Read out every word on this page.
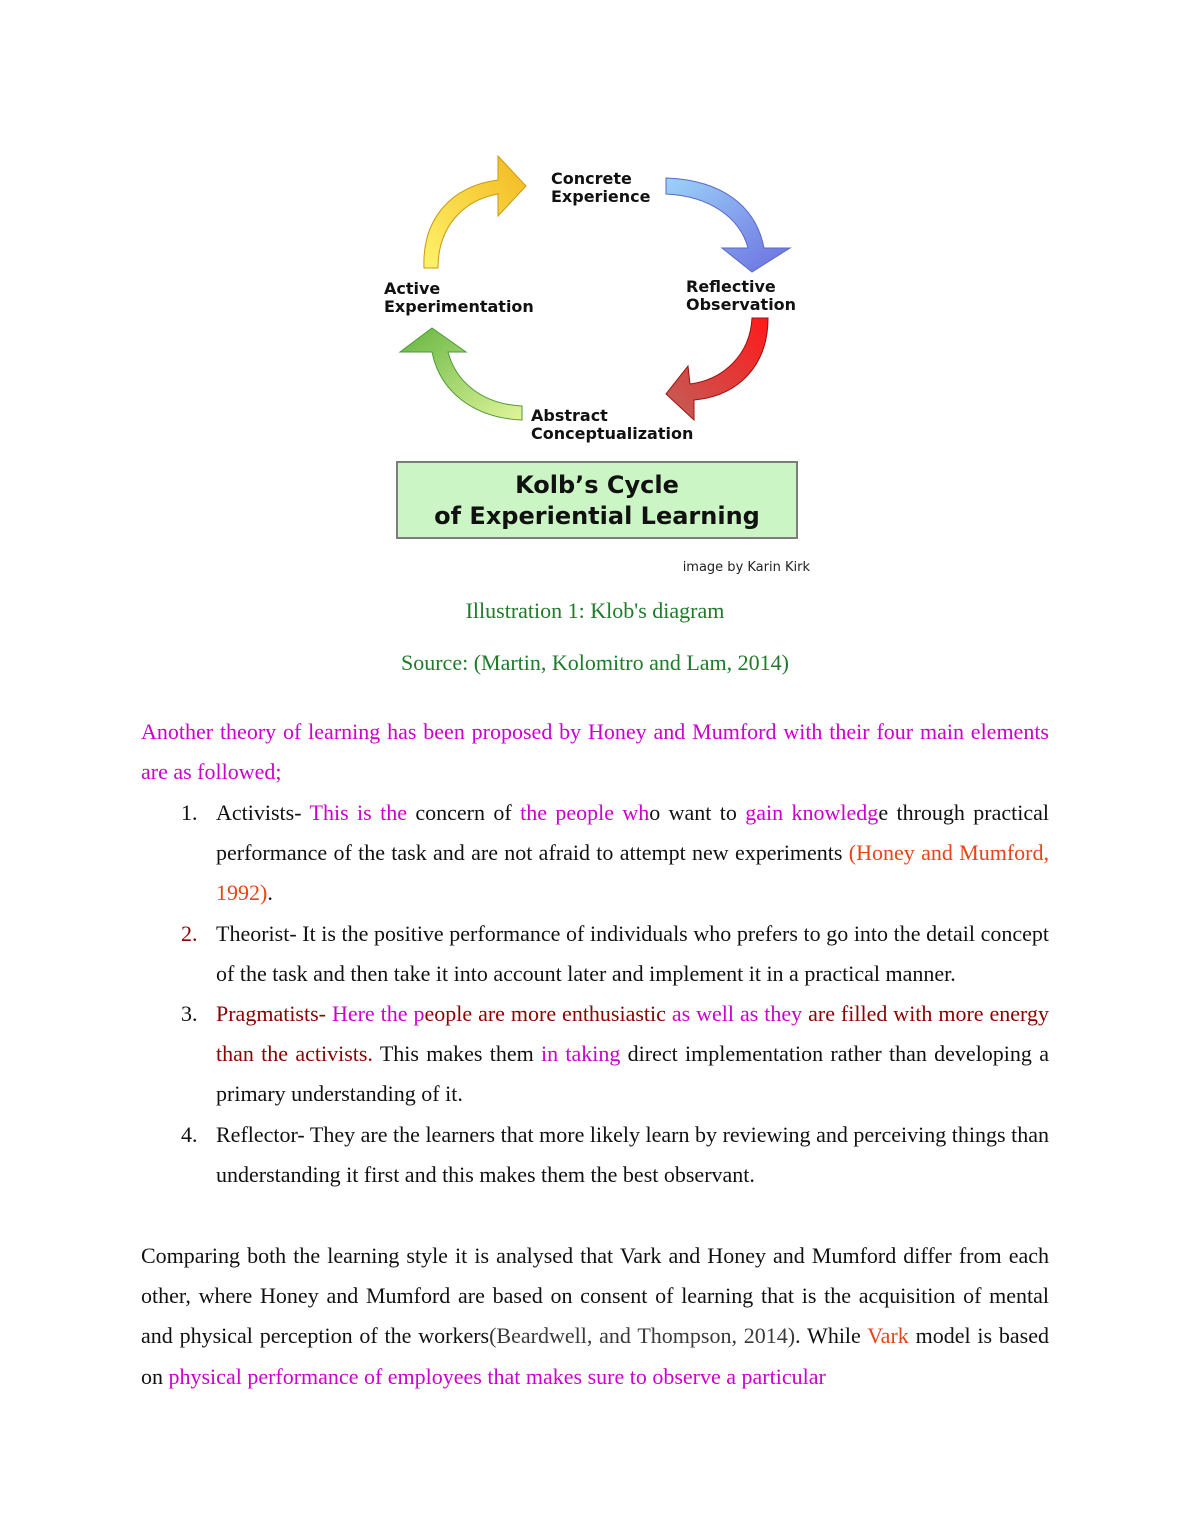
Concrete
Experience
Reflective
Observation
Abstract
Conceptualization
Active
Experimentation
Kolb’s Cycle
of Experiential Learning
image by Karin Kirk
Illustration 1: Klob's diagram
Source: (Martin, Kolomitro and Lam, 2014)
Another theory of learning has been proposed by Honey and Mumford with their four main elements are as followed;
1. Activists- This is the concern of the people who want to gain knowledge through practical performance of the task and are not afraid to attempt new experiments (Honey and Mumford, 1992).
2. Theorist- It is the positive performance of individuals who prefers to go into the detail concept of the task and then take it into account later and implement it in a practical manner.
3. Pragmatists- Here the people are more enthusiastic as well as they are filled with more energy than the activists. This makes them in taking direct implementation rather than developing a primary understanding of it.
4. Reflector- They are the learners that more likely learn by reviewing and perceiving things than understanding it first and this makes them the best observant.
Comparing both the learning style it is analysed that Vark and Honey and Mumford differ from each other, where Honey and Mumford are based on consent of learning that is the acquisition of mental and physical perception of the workers(Beardwell, and Thompson, 2014). While Vark model is based on physical performance of employees that makes sure to observe a particular
